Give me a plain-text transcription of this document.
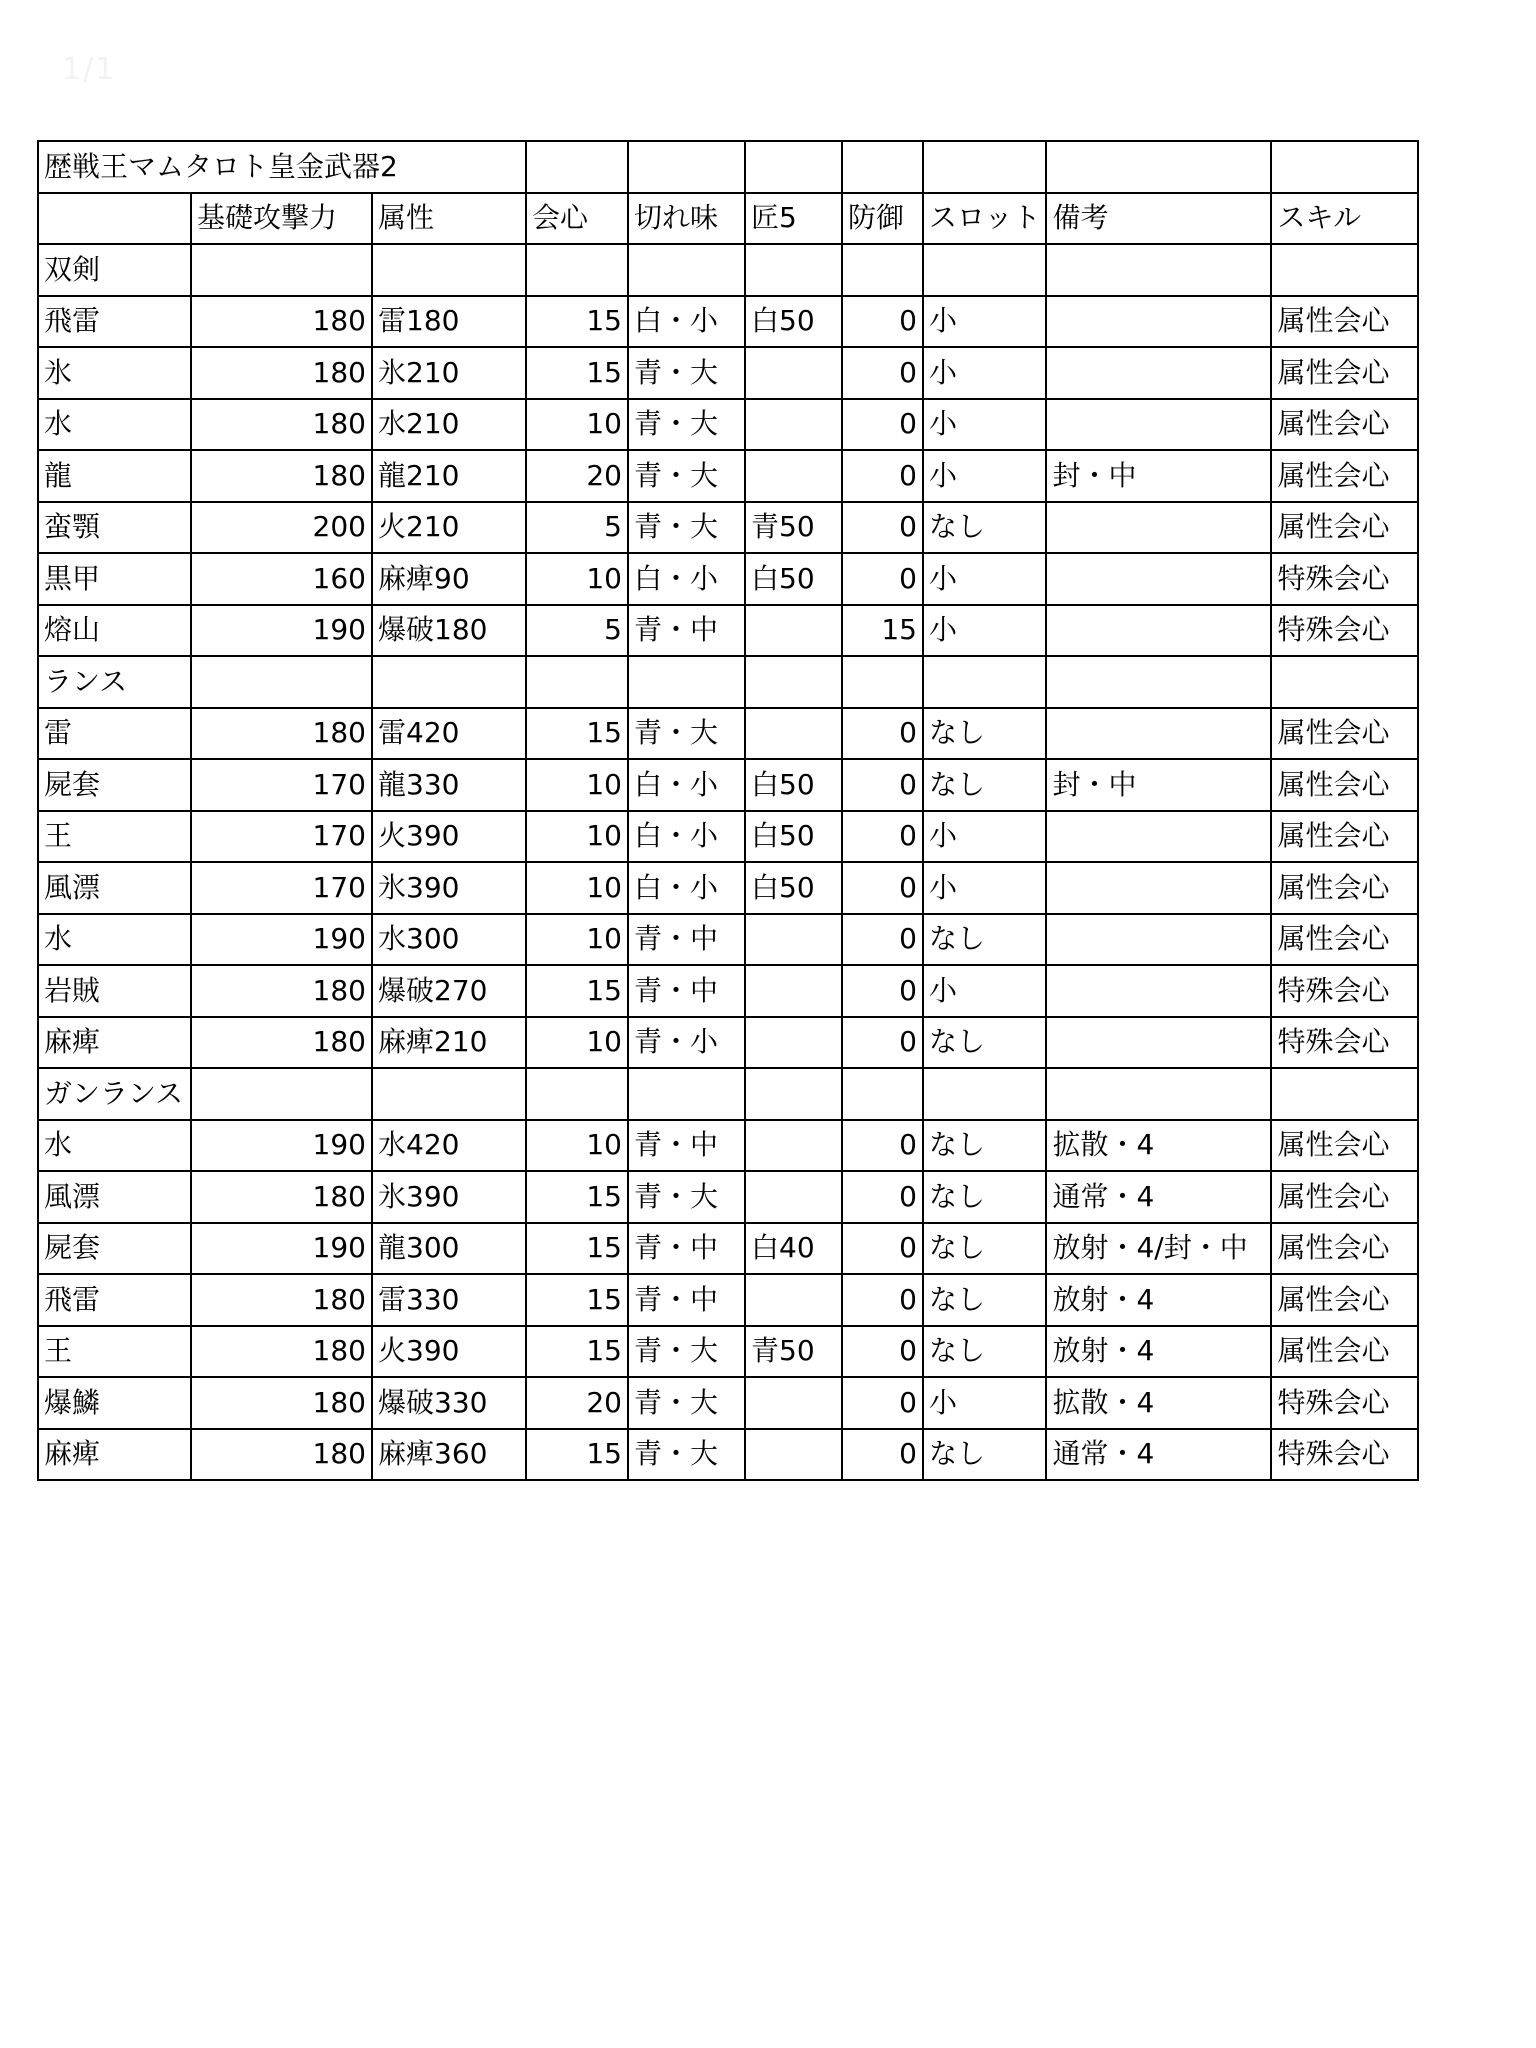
1/1
歴戦王マムタロト皇金武器2									
	基礎攻撃力	属性	会心	切れ味	匠5	防御	スロット	備考	スキル
双剣									
飛雷	180	雷180	15	白・小	白50	0	小		属性会心
氷	180	氷210	15	青・大		0	小		属性会心
水	180	水210	10	青・大		0	小		属性会心
龍	180	龍210	20	青・大		0	小	封・中	属性会心
蛮顎	200	火210	5	青・大	青50	0	なし		属性会心
黒甲	160	麻痺90	10	白・小	白50	0	小		特殊会心
熔山	190	爆破180	5	青・中		15	小		特殊会心
ランス									
雷	180	雷420	15	青・大		0	なし		属性会心
屍套	170	龍330	10	白・小	白50	0	なし	封・中	属性会心
王	170	火390	10	白・小	白50	0	小		属性会心
風漂	170	氷390	10	白・小	白50	0	小		属性会心
水	190	水300	10	青・中		0	なし		属性会心
岩賊	180	爆破270	15	青・中		0	小		特殊会心
麻痺	180	麻痺210	10	青・小		0	なし		特殊会心
ガンランス									
水	190	水420	10	青・中		0	なし	拡散・4	属性会心
風漂	180	氷390	15	青・大		0	なし	通常・4	属性会心
屍套	190	龍300	15	青・中	白40	0	なし	放射・4/封・中	属性会心
飛雷	180	雷330	15	青・中		0	なし	放射・4	属性会心
王	180	火390	15	青・大	青50	0	なし	放射・4	属性会心
爆鱗	180	爆破330	20	青・大		0	小	拡散・4	特殊会心
麻痺	180	麻痺360	15	青・大		0	なし	通常・4	特殊会心
